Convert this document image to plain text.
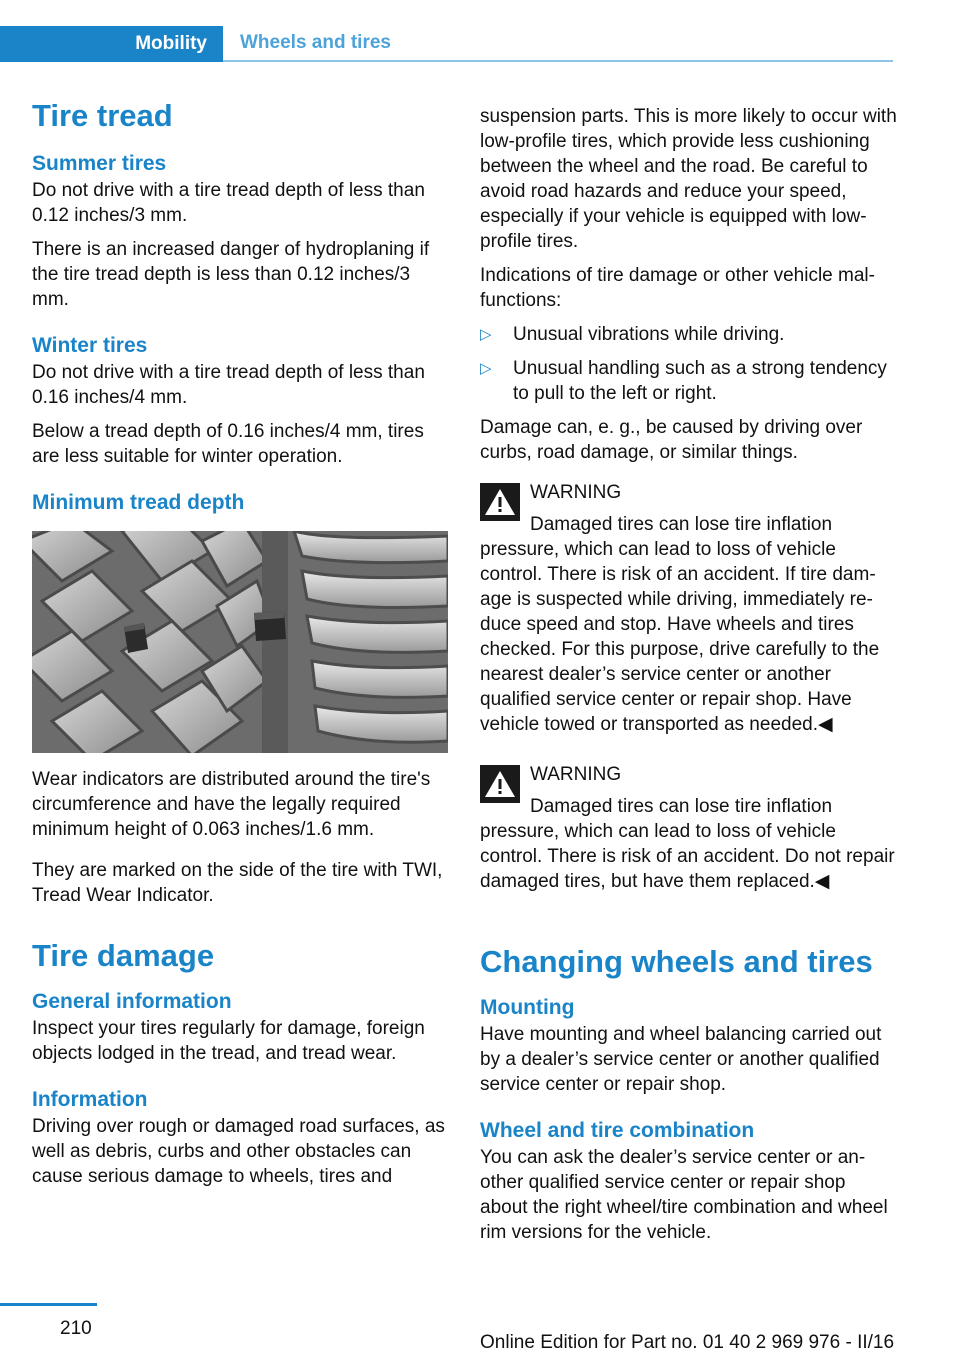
Mobility	Wheels and tires
Tire tread
Summer tires

Do not drive with a tire tread depth of less than 0.12 inches/3 mm.

There is an increased danger of hydroplaning if the tire tread depth is less than 0.12 inches/3 mm.

Winter tires

Do not drive with a tire tread depth of less than 0.16 inches/4 mm.

Below a tread depth of 0.16 inches/4 mm, tires are less suitable for winter operation.

Minimum tread depth

Wear indicators are distributed around the tire's circumference and have the legally required minimum height of 0.063 inches/1.6 mm.

They are marked on the side of the tire with TWI, Tread Wear Indicator.

Tire damage
General information

Inspect your tires regularly for damage, foreign objects lodged in the tread, and tread wear.

Information

Driving over rough or damaged road surfaces, as well as debris, curbs and other obstacles can cause serious damage to wheels, tires and

suspension parts. This is more likely to occur with low-profile tires, which provide less cushioning between the wheel and the road. Be careful to avoid road hazards and reduce your speed, especially if your vehicle is equipped with low-profile tires.

Indications of tire damage or other vehicle malfunctions:

▷	Unusual vibrations while driving.
▷	Unusual handling such as a strong tendency to pull to the left or right.

Damage can, e. g., be caused by driving over curbs, road damage, or similar things.

WARNING
Damaged tires can lose tire inflation
pressure, which can lead to loss of vehicle control. There is risk of an accident. If tire damage is suspected while driving, immediately reduce speed and stop. Have wheels and tires checked. For this purpose, drive carefully to the nearest dealer’s service center or another qualified service center or repair shop. Have vehicle towed or transported as needed.◀
WARNING
Damaged tires can lose tire inflation
pressure, which can lead to loss of vehicle control. There is risk of an accident. Do not repair damaged tires, but have them replaced.◀
Changing wheels and tires
Mounting

Have mounting and wheel balancing carried out by a dealer’s service center or another qualified service center or repair shop.

Wheel and tire combination

You can ask the dealer’s service center or another qualified service center or repair shop about the right wheel/tire combination and wheel rim versions for the vehicle.

210
Online Edition for Part no. 01 40 2 969 976 - II/16
